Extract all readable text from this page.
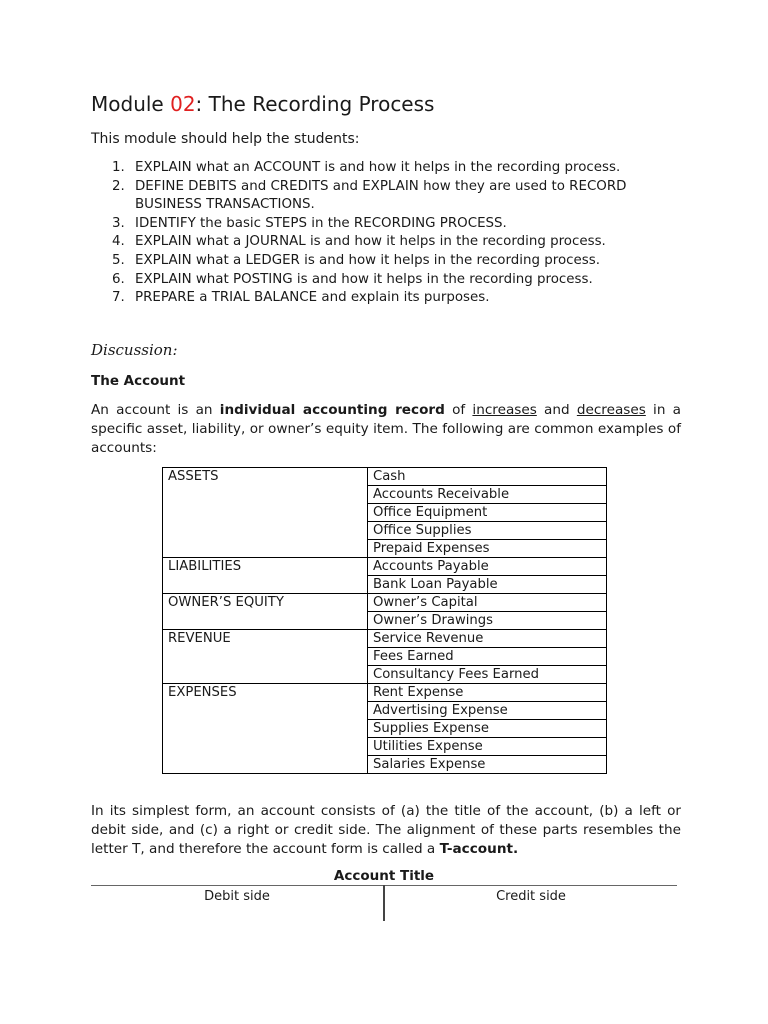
Module 02: The Recording Process

This module should help the students:

1. EXPLAIN what an ACCOUNT is and how it helps in the recording process.
2. DEFINE DEBITS and CREDITS and EXPLAIN how they are used to RECORD BUSINESS TRANSACTIONS.
3. IDENTIFY the basic STEPS in the RECORDING PROCESS.
4. EXPLAIN what a JOURNAL is and how it helps in the recording process.
5. EXPLAIN what a LEDGER is and how it helps in the recording process.
6. EXPLAIN what POSTING is and how it helps in the recording process.
7. PREPARE a TRIAL BALANCE and explain its purposes.

Discussion:

The Account

An account is an individual accounting record of increases and decreases in a specific asset, liability, or owner’s equity item. The following are common examples of accounts:

ASSETS	Cash
	Accounts Receivable
	Office Equipment
	Office Supplies
	Prepaid Expenses
LIABILITIES	Accounts Payable
	Bank Loan Payable
OWNER’S EQUITY	Owner’s Capital
	Owner’s Drawings
REVENUE	Service Revenue
	Fees Earned
	Consultancy Fees Earned
EXPENSES	Rent Expense
	Advertising Expense
	Supplies Expense
	Utilities Expense
	Salaries Expense

In its simplest form, an account consists of (a) the title of the account, (b) a left or debit side, and (c) a right or credit side. The alignment of these parts resembles the letter T, and therefore the account form is called a T-account.

Account Title

Debit side	Credit side
